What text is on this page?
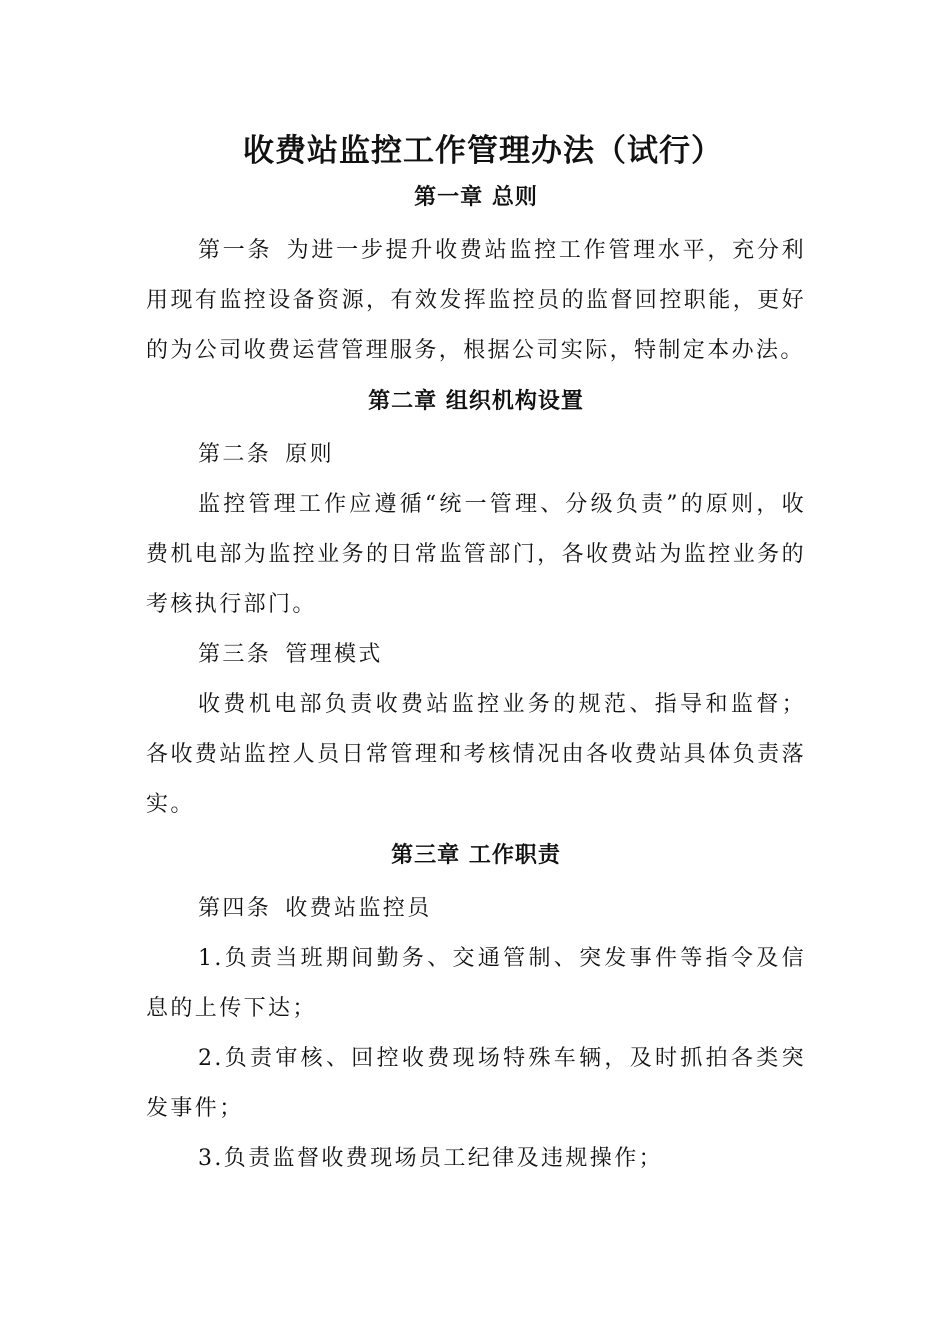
收费站监控工作管理办法（试行）
第一章 总则

第一条 为进一步提升收费站监控工作管理水平，充分利用现有监控设备资源，有效发挥监控员的监督回控职能，更好的为公司收费运营管理服务，根据公司实际，特制定本办法。

第二章 组织机构设置

第二条 原则

监控管理工作应遵循“统一管理、分级负责”的原则，收费机电部为监控业务的日常监管部门，各收费站为监控业务的考核执行部门。

第三条 管理模式

收费机电部负责收费站监控业务的规范、指导和监督；各收费站监控人员日常管理和考核情况由各收费站具体负责落实。

第三章 工作职责

第四条 收费站监控员

1.负责当班期间勤务、交通管制、突发事件等指令及信息的上传下达；

2.负责审核、回控收费现场特殊车辆，及时抓拍各类突发事件；

3.负责监督收费现场员工纪律及违规操作；
